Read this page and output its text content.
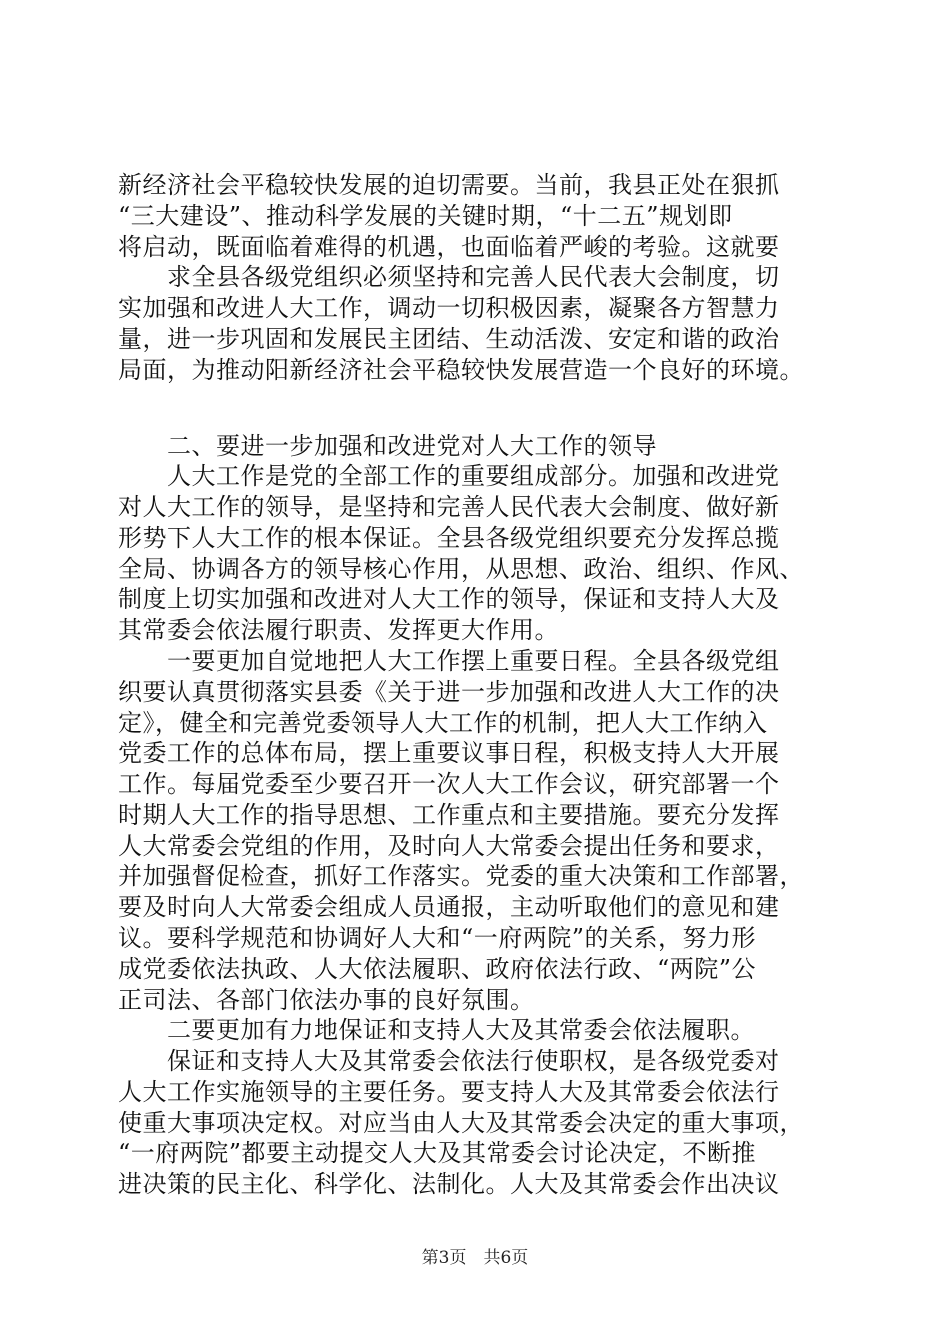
新经济社会平稳较快发展的迫切需要。当前，我县正处在狠抓
“三大建设”、推动科学发展的关键时期，“十二五”规划即
将启动，既面临着难得的机遇，也面临着严峻的考验。这就要
　　求全县各级党组织必须坚持和完善人民代表大会制度，切
实加强和改进人大工作，调动一切积极因素，凝聚各方智慧力
量，进一步巩固和发展民主团结、生动活泼、安定和谐的政治
局面，为推动阳新经济社会平稳较快发展营造一个良好的环境。
　　二、要进一步加强和改进党对人大工作的领导
　　人大工作是党的全部工作的重要组成部分。加强和改进党
对人大工作的领导，是坚持和完善人民代表大会制度、做好新
形势下人大工作的根本保证。全县各级党组织要充分发挥总揽
全局、协调各方的领导核心作用，从思想、政治、组织、作风、
制度上切实加强和改进对人大工作的领导，保证和支持人大及
其常委会依法履行职责、发挥更大作用。
　　一要更加自觉地把人大工作摆上重要日程。全县各级党组
织要认真贯彻落实县委《关于进一步加强和改进人大工作的决
定》，健全和完善党委领导人大工作的机制，把人大工作纳入
党委工作的总体布局，摆上重要议事日程，积极支持人大开展
工作。每届党委至少要召开一次人大工作会议，研究部署一个
时期人大工作的指导思想、工作重点和主要措施。要充分发挥
人大常委会党组的作用，及时向人大常委会提出任务和要求，
并加强督促检查，抓好工作落实。党委的重大决策和工作部署，
要及时向人大常委会组成人员通报，主动听取他们的意见和建
议。要科学规范和协调好人大和“一府两院”的关系，努力形
成党委依法执政、人大依法履职、政府依法行政、“两院”公
正司法、各部门依法办事的良好氛围。
　　二要更加有力地保证和支持人大及其常委会依法履职。
　　保证和支持人大及其常委会依法行使职权，是各级党委对
人大工作实施领导的主要任务。要支持人大及其常委会依法行
使重大事项决定权。对应当由人大及其常委会决定的重大事项，
“一府两院”都要主动提交人大及其常委会讨论决定，不断推
进决策的民主化、科学化、法制化。人大及其常委会作出决议
第3页　共6页
